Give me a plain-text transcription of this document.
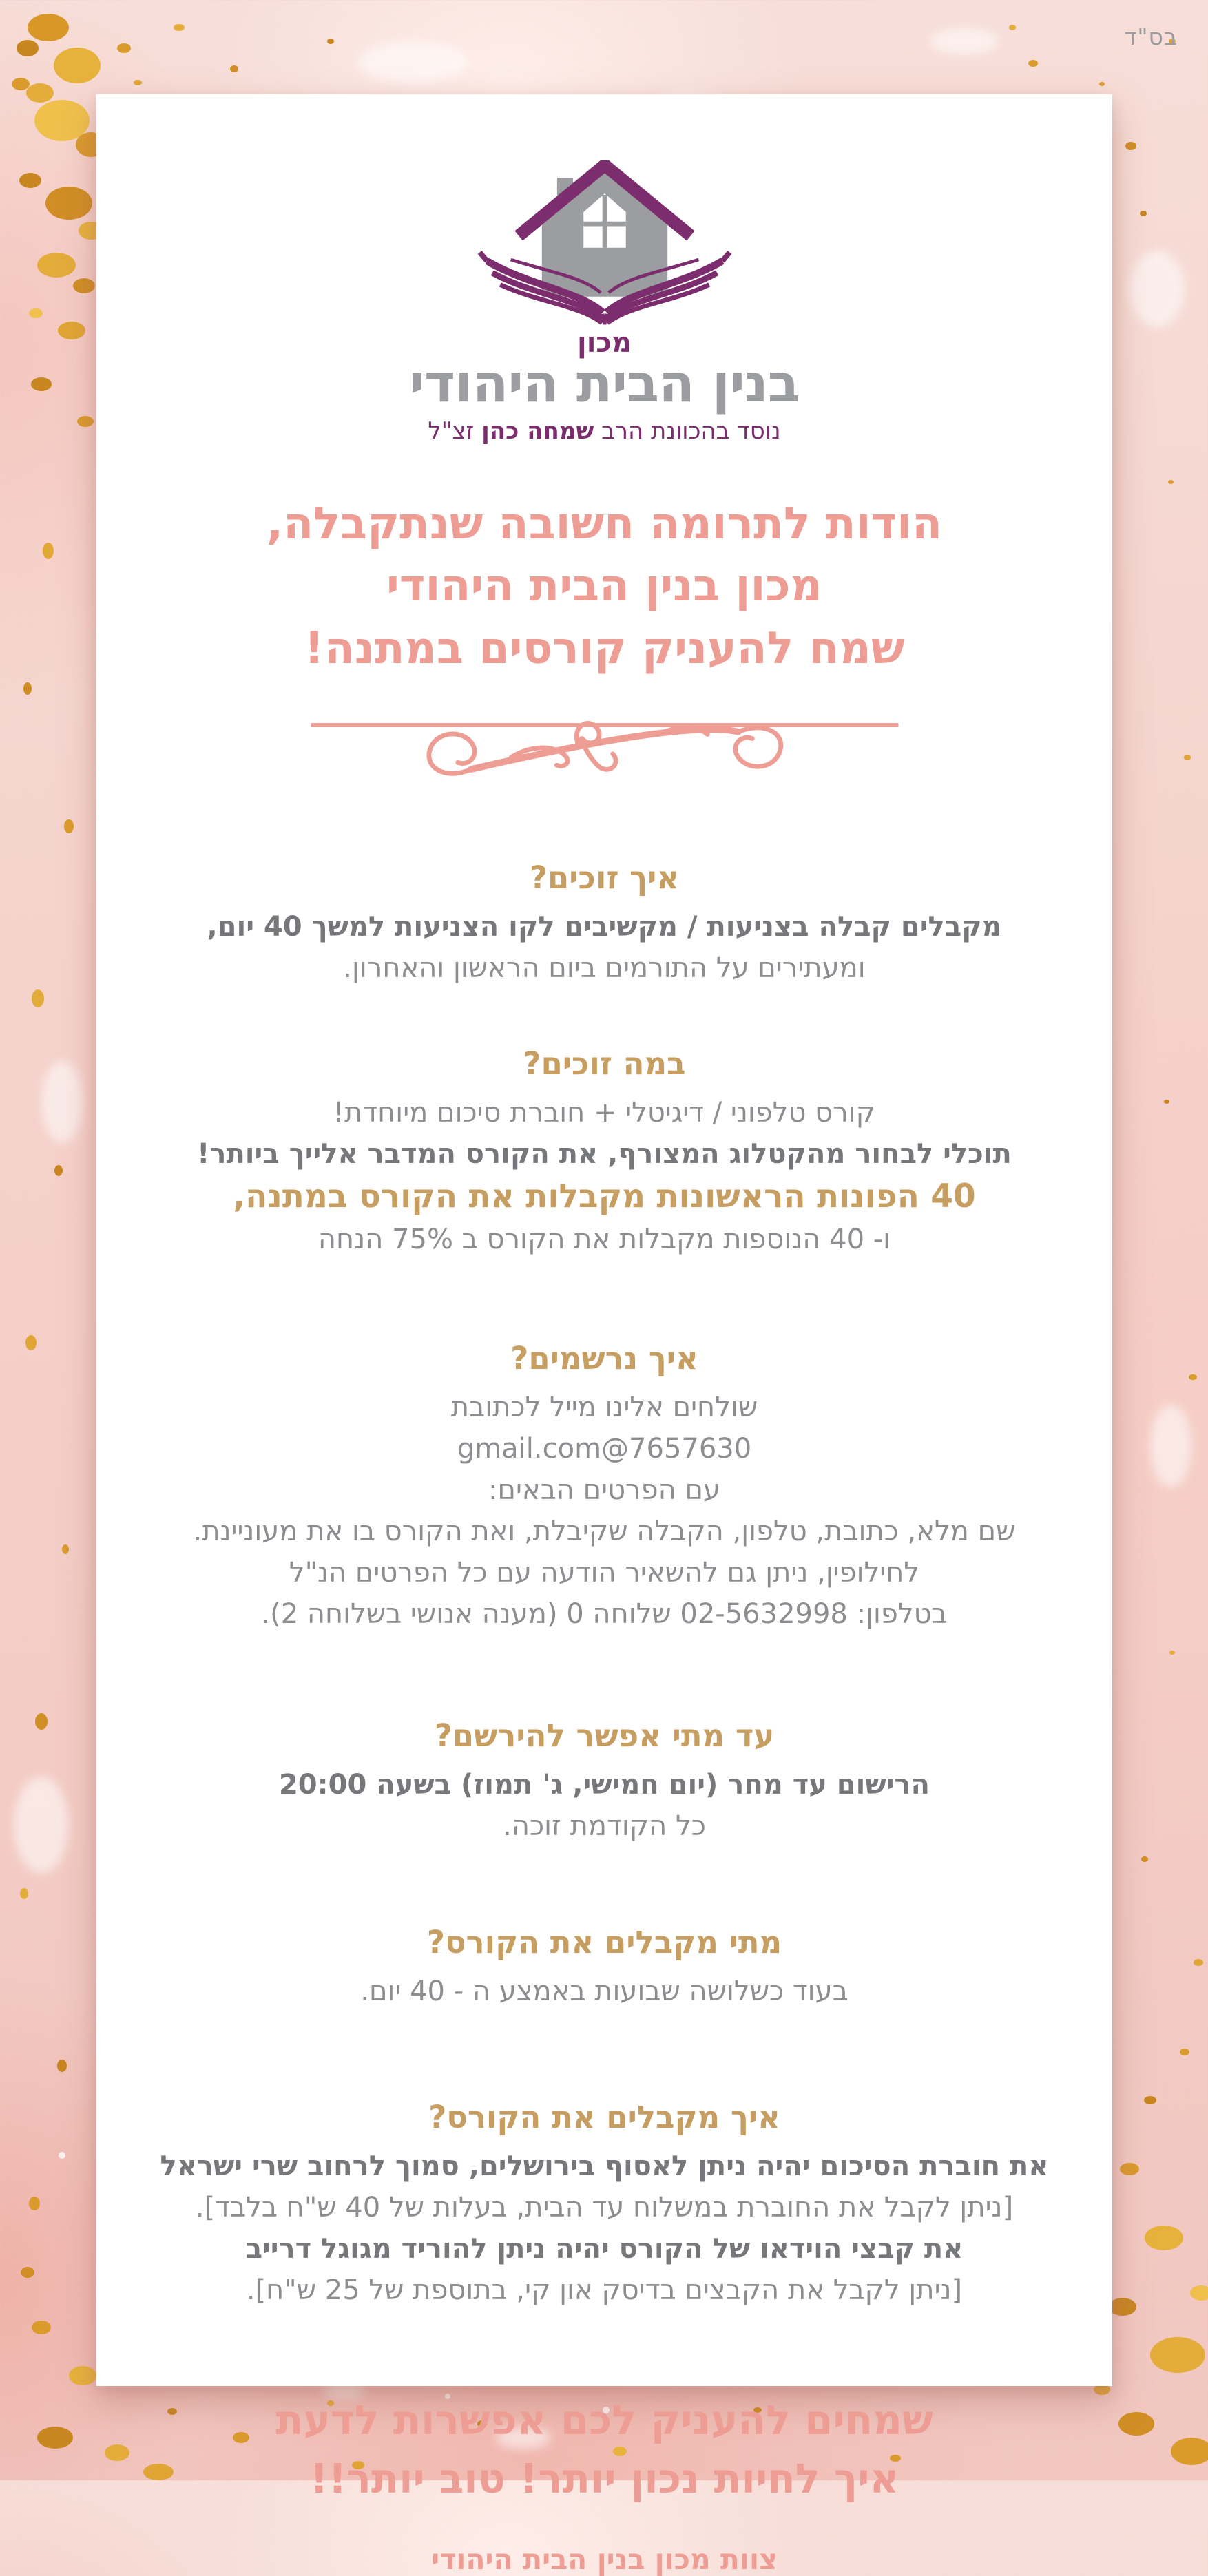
בס"ד
מכון
בנין הבית היהודי
נוסד בהכוונת הרב שמחה כהן זצ"ל
הודות לתרומה חשובה שנתקבלה,
מכון בנין הבית היהודי
שמח להעניק קורסים במתנה!
איך זוכים?
מקבלים קבלה בצניעות / מקשיבים לקו הצניעות למשך 40 יום,
ומעתירים על התורמים ביום הראשון והאחרון.
במה זוכים?
קורס טלפוני / דיגיטלי + חוברת סיכום מיוחדת!
תוכלי לבחור מהקטלוג המצורף, את הקורס המדבר אלייך ביותר!
40 הפונות הראשונות מקבלות את הקורס במתנה,
ו- 40 הנוספות מקבלות את הקורס ב 75% הנחה
איך נרשמים?
שולחים אלינו מייל לכתובת
7657630@gmail.com
עם הפרטים הבאים:
שם מלא, כתובת, טלפון, הקבלה שקיבלת, ואת הקורס בו את מעוניינת.
לחילופין, ניתן גם להשאיר הודעה עם כל הפרטים הנ"ל
בטלפון: 02-5632998 שלוחה 0 (מענה אנושי בשלוחה 2).
עד מתי אפשר להירשם?
הרישום עד מחר (יום חמישי, ג' תמוז) בשעה 20:00
כל הקודמת זוכה.
מתי מקבלים את הקורס?
בעוד כשלושה שבועות באמצע ה - 40 יום.
איך מקבלים את הקורס?
את חוברת הסיכום יהיה ניתן לאסוף בירושלים, סמוך לרחוב שרי ישראל
[ניתן לקבל את החוברת במשלוח עד הבית, בעלות של 40 ש"ח בלבד].
את קבצי הוידאו של הקורס יהיה ניתן להוריד מגוגל דרייב
[ניתן לקבל את הקבצים בדיסק און קי, בתוספת של 25 ש"ח].
שמחים להעניק לכם אפשרות לדעת
איך לחיות נכון יותר! טוב יותר!!
צוות מכון בנין הבית היהודי
